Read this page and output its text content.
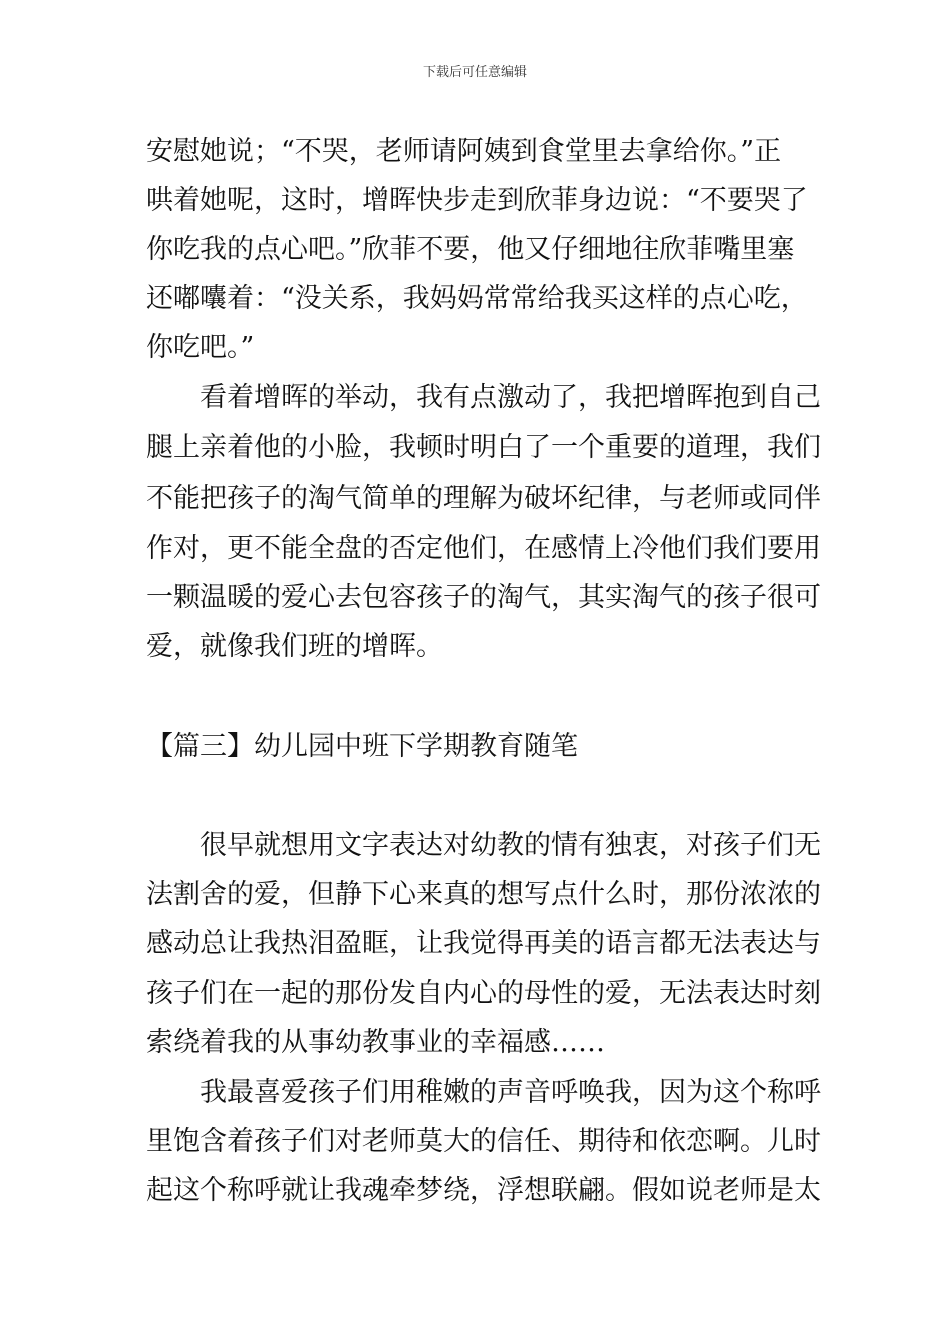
下载后可任意编辑
安慰她说；“不哭，老师请阿姨到食堂里去拿给你。”正
哄着她呢，这时，增晖快步走到欣菲身边说：“不要哭了
你吃我的点心吧。”欣菲不要，他又仔细地往欣菲嘴里塞
还嘟囔着：“没关系，我妈妈常常给我买这样的点心吃，
你吃吧。”
看着增晖的举动，我有点激动了，我把增晖抱到自己
腿上亲着他的小脸，我顿时明白了一个重要的道理，我们
不能把孩子的淘气简单的理解为破坏纪律，与老师或同伴
作对，更不能全盘的否定他们，在感情上冷他们我们要用
一颗温暖的爱心去包容孩子的淘气，其实淘气的孩子很可
爱，就像我们班的增晖。
【篇三】幼儿园中班下学期教育随笔
很早就想用文字表达对幼教的情有独衷，对孩子们无
法割舍的爱，但静下心来真的想写点什么时，那份浓浓的
感动总让我热泪盈眶，让我觉得再美的语言都无法表达与
孩子们在一起的那份发自内心的母性的爱，无法表达时刻
索绕着我的从事幼教事业的幸福感……
我最喜爱孩子们用稚嫩的声音呼唤我，因为这个称呼
里饱含着孩子们对老师莫大的信任、期待和依恋啊。儿时
起这个称呼就让我魂牵梦绕，浮想联翩。假如说老师是太
